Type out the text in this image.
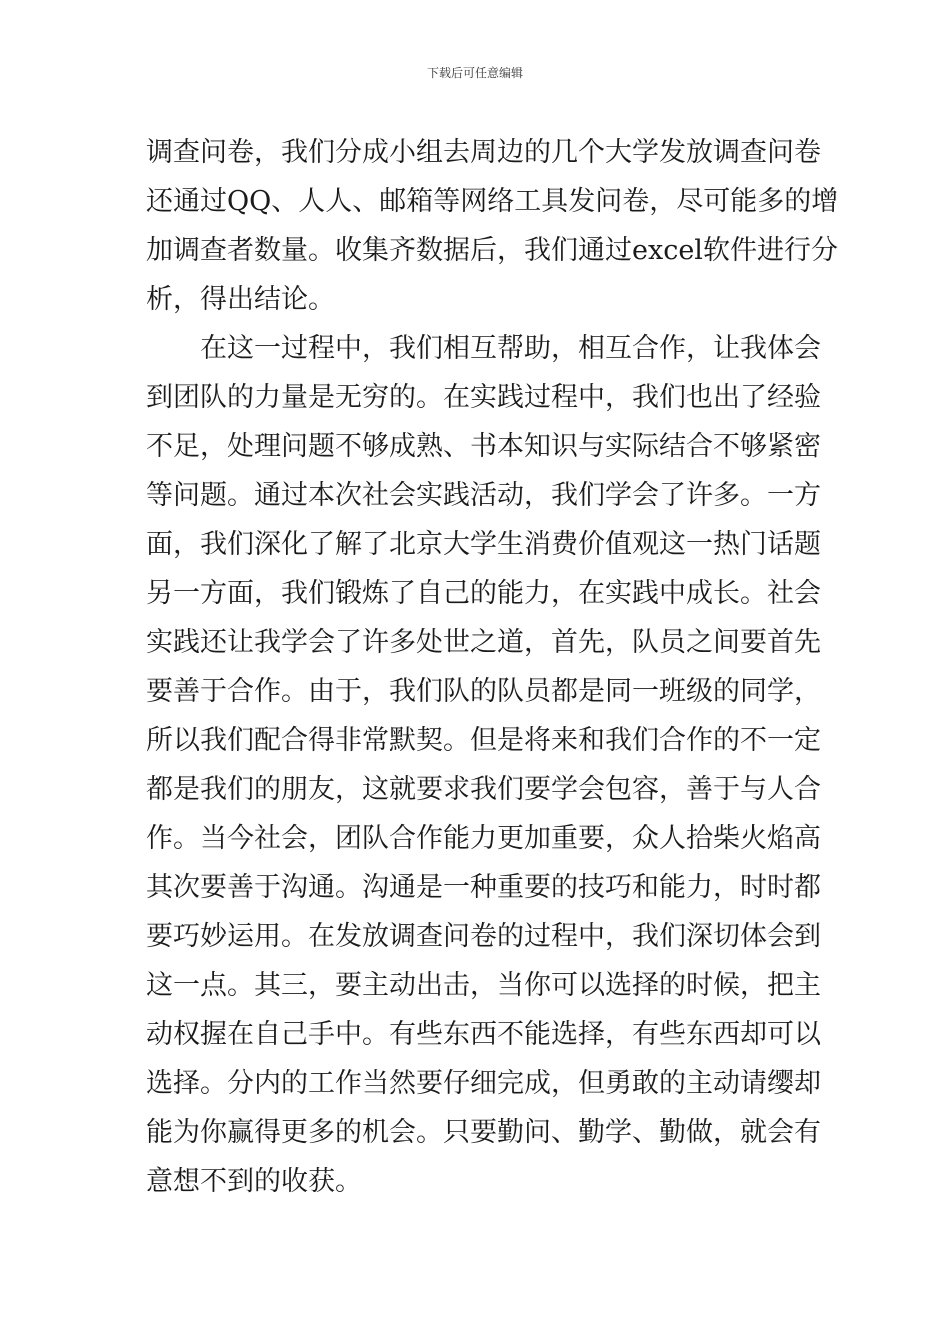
下载后可任意编辑
调查问卷，我们分成小组去周边的几个大学发放调查问卷
还通过QQ、人人、邮箱等网络工具发问卷，尽可能多的增
加调查者数量。收集齐数据后，我们通过excel软件进行分
析，得出结论。
在这一过程中，我们相互帮助，相互合作，让我体会
到团队的力量是无穷的。在实践过程中，我们也出了经验
不足，处理问题不够成熟、书本知识与实际结合不够紧密
等问题。通过本次社会实践活动，我们学会了许多。一方
面，我们深化了解了北京大学生消费价值观这一热门话题
另一方面，我们锻炼了自己的能力，在实践中成长。社会
实践还让我学会了许多处世之道，首先，队员之间要首先
要善于合作。由于，我们队的队员都是同一班级的同学，
所以我们配合得非常默契。但是将来和我们合作的不一定
都是我们的朋友，这就要求我们要学会包容，善于与人合
作。当今社会，团队合作能力更加重要，众人拾柴火焰高
其次要善于沟通。沟通是一种重要的技巧和能力，时时都
要巧妙运用。在发放调查问卷的过程中，我们深切体会到
这一点。其三，要主动出击，当你可以选择的时候，把主
动权握在自己手中。有些东西不能选择，有些东西却可以
选择。分内的工作当然要仔细完成，但勇敢的主动请缨却
能为你赢得更多的机会。只要勤问、勤学、勤做，就会有
意想不到的收获。
